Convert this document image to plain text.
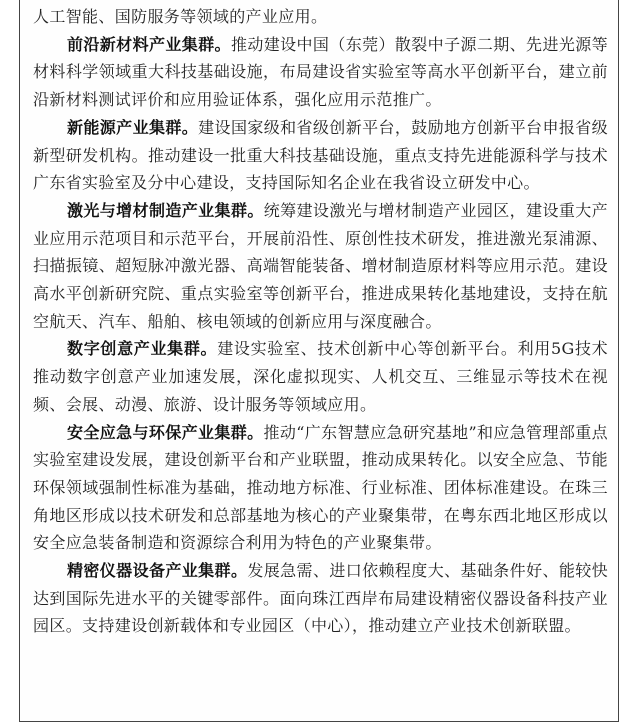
人工智能、国防服务等领域的产业应用。

前沿新材料产业集群。推动建设中国（东莞）散裂中子源二期、先进光源等材料科学领域重大科技基础设施，布局建设省实验室等高水平创新平台，建立前沿新材料测试评价和应用验证体系，强化应用示范推广。

新能源产业集群。建设国家级和省级创新平台，鼓励地方创新平台申报省级新型研发机构。推动建设一批重大科技基础设施，重点支持先进能源科学与技术广东省实验室及分中心建设，支持国际知名企业在我省设立研发中心。

激光与增材制造产业集群。统筹建设激光与增材制造产业园区，建设重大产业应用示范项目和示范平台，开展前沿性、原创性技术研发，推进激光泵浦源、扫描振镜、超短脉冲激光器、高端智能装备、增材制造原材料等应用示范。建设高水平创新研究院、重点实验室等创新平台，推进成果转化基地建设，支持在航空航天、汽车、船舶、核电领域的创新应用与深度融合。

数字创意产业集群。建设实验室、技术创新中心等创新平台。利用5G技术推动数字创意产业加速发展，深化虚拟现实、人机交互、三维显示等技术在视频、会展、动漫、旅游、设计服务等领域应用。

安全应急与环保产业集群。推动“广东智慧应急研究基地”和应急管理部重点实验室建设发展，建设创新平台和产业联盟，推动成果转化。以安全应急、节能环保领域强制性标准为基础，推动地方标准、行业标准、团体标准建设。在珠三角地区形成以技术研发和总部基地为核心的产业聚集带，在粤东西北地区形成以安全应急装备制造和资源综合利用为特色的产业聚集带。

精密仪器设备产业集群。发展急需、进口依赖程度大、基础条件好、能较快达到国际先进水平的关键零部件。面向珠江西岸布局建设精密仪器设备科技产业园区。支持建设创新载体和专业园区（中心），推动建立产业技术创新联盟。
